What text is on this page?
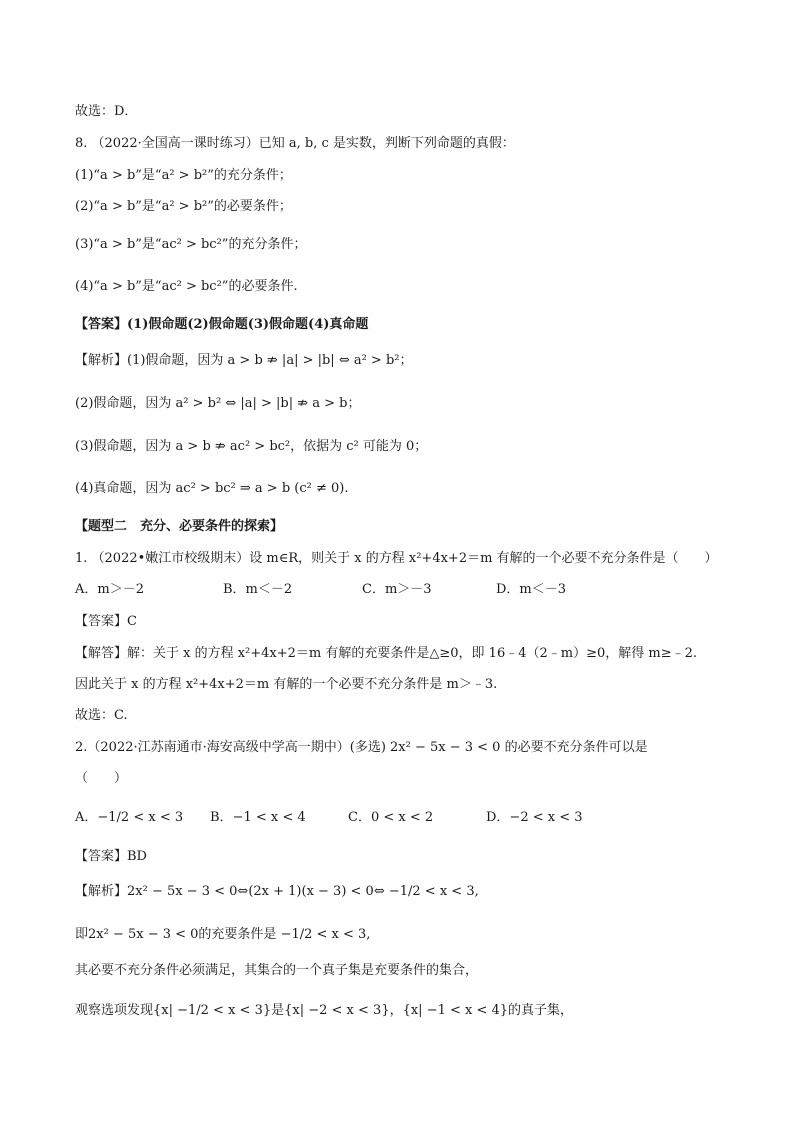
故选：D．
8. （2022·全国高一课时练习）已知 a, b, c 是实数，判断下列命题的真假：
(1)“a > b”是“a² > b²”的充分条件；
(2)“a > b”是“a² > b²”的必要条件；
(3)“a > b”是“ac² > bc²”的充分条件；
(4)“a > b”是“ac² > bc²”的必要条件.
【答案】(1)假命题(2)假命题(3)假命题(4)真命题
【解析】(1)假命题，因为 a > b ⇏ |a| > |b| ⇔ a² > b²；
(2)假命题，因为 a² > b² ⇔ |a| > |b| ⇏ a > b；
(3)假命题，因为 a > b ⇏ ac² > bc²，依据为 c² 可能为 0；
(4)真命题，因为 ac² > bc² ⇒ a > b (c² ≠ 0).
【题型二　充分、必要条件的探索】
1. （2022•嫩江市校级期末）设 m∈R，则关于 x 的方程 x²+4x+2＝m 有解的一个必要不充分条件是（　　）
A．m＞－2	B．m＜－2	C．m＞－3	D．m＜－3
【答案】C
【解答】解：关于 x 的方程 x²+4x+2＝m 有解的充要条件是△≥0，即 16﹣4（2﹣m）≥0，解得 m≥﹣2.
因此关于 x 的方程 x²+4x+2＝m 有解的一个必要不充分条件是 m＞﹣3.
故选：C.
2.（2022·江苏南通市·海安高级中学高一期中）(多选) 2x² − 5x − 3 < 0 的必要不充分条件可以是
（　　）
A．−1/2 < x < 3 B．−1 < x < 4	C．0 < x < 2	D．−2 < x < 3
【答案】BD
【解析】2x² − 5x − 3 < 0⇔(2x + 1)(x − 3) < 0⇔ −1/2 < x < 3,
即2x² − 5x − 3 < 0的充要条件是 −1/2 < x < 3,
其必要不充分条件必须满足，其集合的一个真子集是充要条件的集合，
观察选项发现{x| −1/2 < x < 3}是{x| −2 < x < 3}，{x| −1 < x < 4}的真子集，
